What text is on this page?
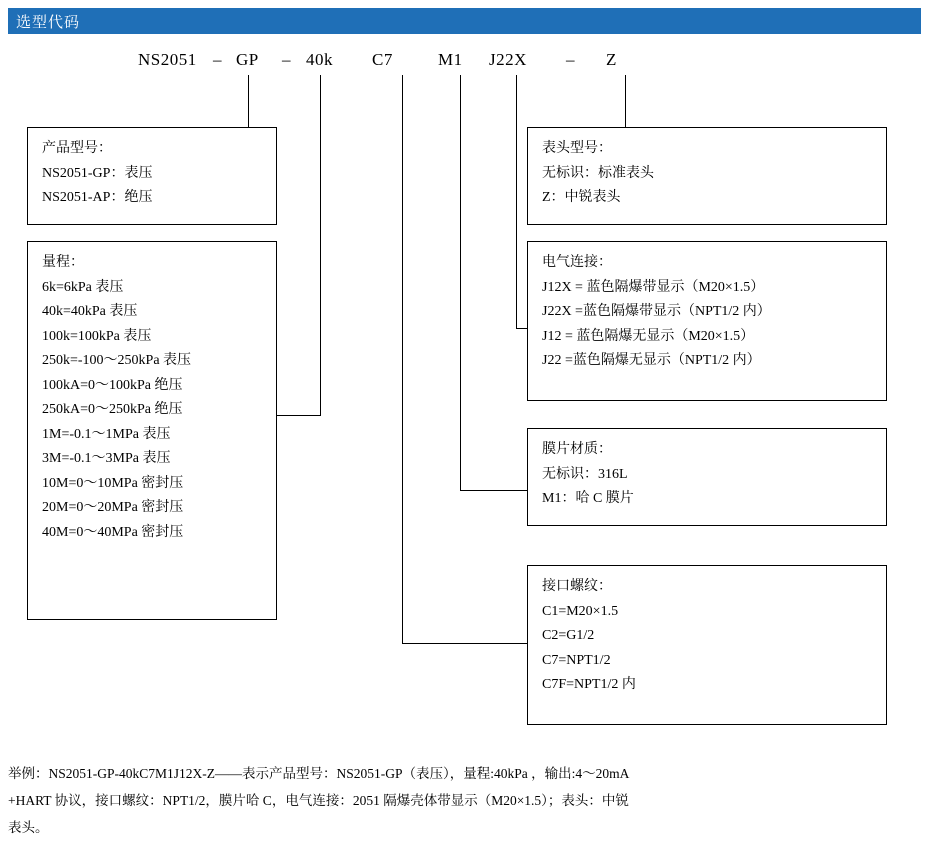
选型代码
NS2051 – GP – 40k C7	M1 J22X – Z
产品型号：
NS2051-GP：表压
NS2051-AP：绝压
量程：
6k=6kPa 表压
40k=40kPa 表压
100k=100kPa 表压
250k=-100～250kPa 表压
100kA=0～100kPa 绝压
250kA=0～250kPa 绝压
1M=-0.1～1MPa 表压
3M=-0.1～3MPa 表压
10M=0～10MPa 密封压
20M=0～20MPa 密封压
40M=0～40MPa 密封压
表头型号：
无标识：标准表头
Z：中锐表头
电气连接：
J12X = 蓝色隔爆带显示（M20×1.5）
J22X =蓝色隔爆带显示（NPT1/2 内）
J12 = 蓝色隔爆无显示（M20×1.5）
J22 =蓝色隔爆无显示（NPT1/2 内）
膜片材质：
无标识：316L
M1：哈 C 膜片
接口螺纹：
C1=M20×1.5
C2=G1/2
C7=NPT1/2
C7F=NPT1/2 内

举例：NS2051-GP-40kC7M1J12X-Z——表示产品型号：NS2051-GP（表压），量程:40kPa ，输出:4～20mA

+HART 协议，接口螺纹：NPT1/2，膜片哈 C，电气连接：2051 隔爆壳体带显示（M20×1.5）；表头：中锐

表头。
